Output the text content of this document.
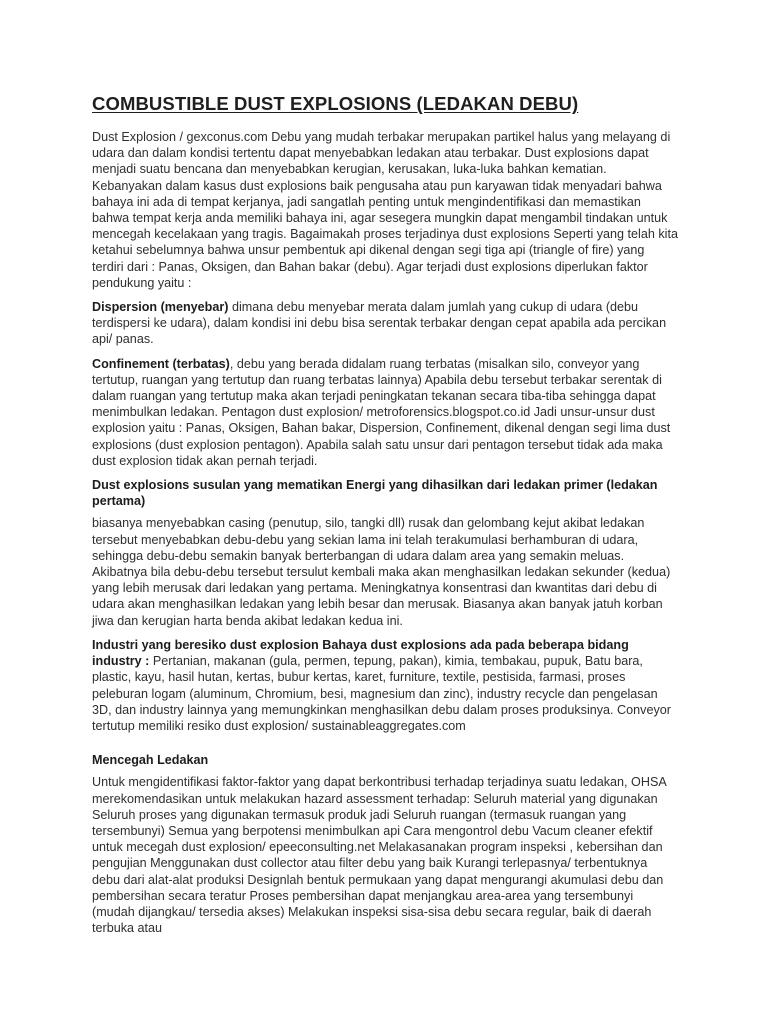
COMBUSTIBLE DUST EXPLOSIONS (LEDAKAN DEBU)

Dust Explosion / gexconus.com Debu yang mudah terbakar merupakan partikel halus yang melayang di udara dan dalam kondisi tertentu dapat menyebabkan ledakan atau terbakar. Dust explosions dapat menjadi suatu bencana dan menyebabkan kerugian, kerusakan, luka-luka bahkan kematian. Kebanyakan dalam kasus dust explosions baik pengusaha atau pun karyawan tidak menyadari bahwa bahaya ini ada di tempat kerjanya, jadi sangatlah penting untuk mengindentifikasi dan memastikan bahwa tempat kerja anda memiliki bahaya ini, agar sesegera mungkin dapat mengambil tindakan untuk mencegah kecelakaan yang tragis. Bagaimakah proses terjadinya dust explosions Seperti yang telah kita ketahui sebelumnya bahwa unsur pembentuk api dikenal dengan segi tiga api (triangle of fire) yang terdiri dari : Panas, Oksigen, dan Bahan bakar (debu). Agar terjadi dust explosions diperlukan faktor pendukung yaitu :

Dispersion (menyebar) dimana debu menyebar merata dalam jumlah yang cukup di udara (debu terdispersi ke udara), dalam kondisi ini debu bisa serentak terbakar dengan cepat apabila ada percikan api/ panas.

Confinement (terbatas), debu yang berada didalam ruang terbatas (misalkan silo, conveyor yang tertutup, ruangan yang tertutup dan ruang terbatas lainnya) Apabila debu tersebut terbakar serentak di dalam ruangan yang tertutup maka akan terjadi peningkatan tekanan secara tiba-tiba sehingga dapat menimbulkan ledakan. Pentagon dust explosion/ metroforensics.blogspot.co.id Jadi unsur-unsur dust explosion yaitu : Panas, Oksigen, Bahan bakar, Dispersion, Confinement, dikenal dengan segi lima dust explosions (dust explosion pentagon). Apabila salah satu unsur dari pentagon tersebut tidak ada maka dust explosion tidak akan pernah terjadi.

Dust explosions susulan yang mematikan Energi yang dihasilkan dari ledakan primer (ledakan pertama)

biasanya menyebabkan casing (penutup, silo, tangki dll) rusak dan gelombang kejut akibat ledakan tersebut menyebabkan debu-debu yang sekian lama ini telah terakumulasi berhamburan di udara, sehingga debu-debu semakin banyak berterbangan di udara dalam area yang semakin meluas. Akibatnya bila debu-debu tersebut tersulut kembali maka akan menghasilkan ledakan sekunder (kedua) yang lebih merusak dari ledakan yang pertama. Meningkatnya konsentrasi dan kwantitas dari debu di udara akan menghasilkan ledakan yang lebih besar dan merusak. Biasanya akan banyak jatuh korban jiwa dan kerugian harta benda akibat ledakan kedua ini.

Industri yang beresiko dust explosion Bahaya dust explosions ada pada beberapa bidang industry : Pertanian, makanan (gula, permen, tepung, pakan), kimia, tembakau, pupuk, Batu bara, plastic, kayu, hasil hutan, kertas, bubur kertas, karet, furniture, textile, pestisida, farmasi, proses peleburan logam (aluminum, Chromium, besi, magnesium dan zinc), industry recycle dan pengelasan 3D, dan industry lainnya yang memungkinkan menghasilkan debu dalam proses produksinya. Conveyor tertutup memiliki resiko dust explosion/ sustainableaggregates.com

Mencegah Ledakan

Untuk mengidentifikasi faktor-faktor yang dapat berkontribusi terhadap terjadinya suatu ledakan, OHSA merekomendasikan untuk melakukan hazard assessment terhadap: Seluruh material yang digunakan Seluruh proses yang digunakan termasuk produk jadi Seluruh ruangan (termasuk ruangan yang tersembunyi) Semua yang berpotensi menimbulkan api Cara mengontrol debu Vacum cleaner efektif untuk mecegah dust explosion/ epeeconsulting.net Melakasanakan program inspeksi , kebersihan dan pengujian Menggunakan dust collector atau filter debu yang baik Kurangi terlepasnya/ terbentuknya debu dari alat-alat produksi Designlah bentuk permukaan yang dapat mengurangi akumulasi debu dan pembersihan secara teratur Proses pembersihan dapat menjangkau area-area yang tersembunyi (mudah dijangkau/ tersedia akses) Melakukan inspeksi sisa-sisa debu secara regular, baik di daerah terbuka atau
